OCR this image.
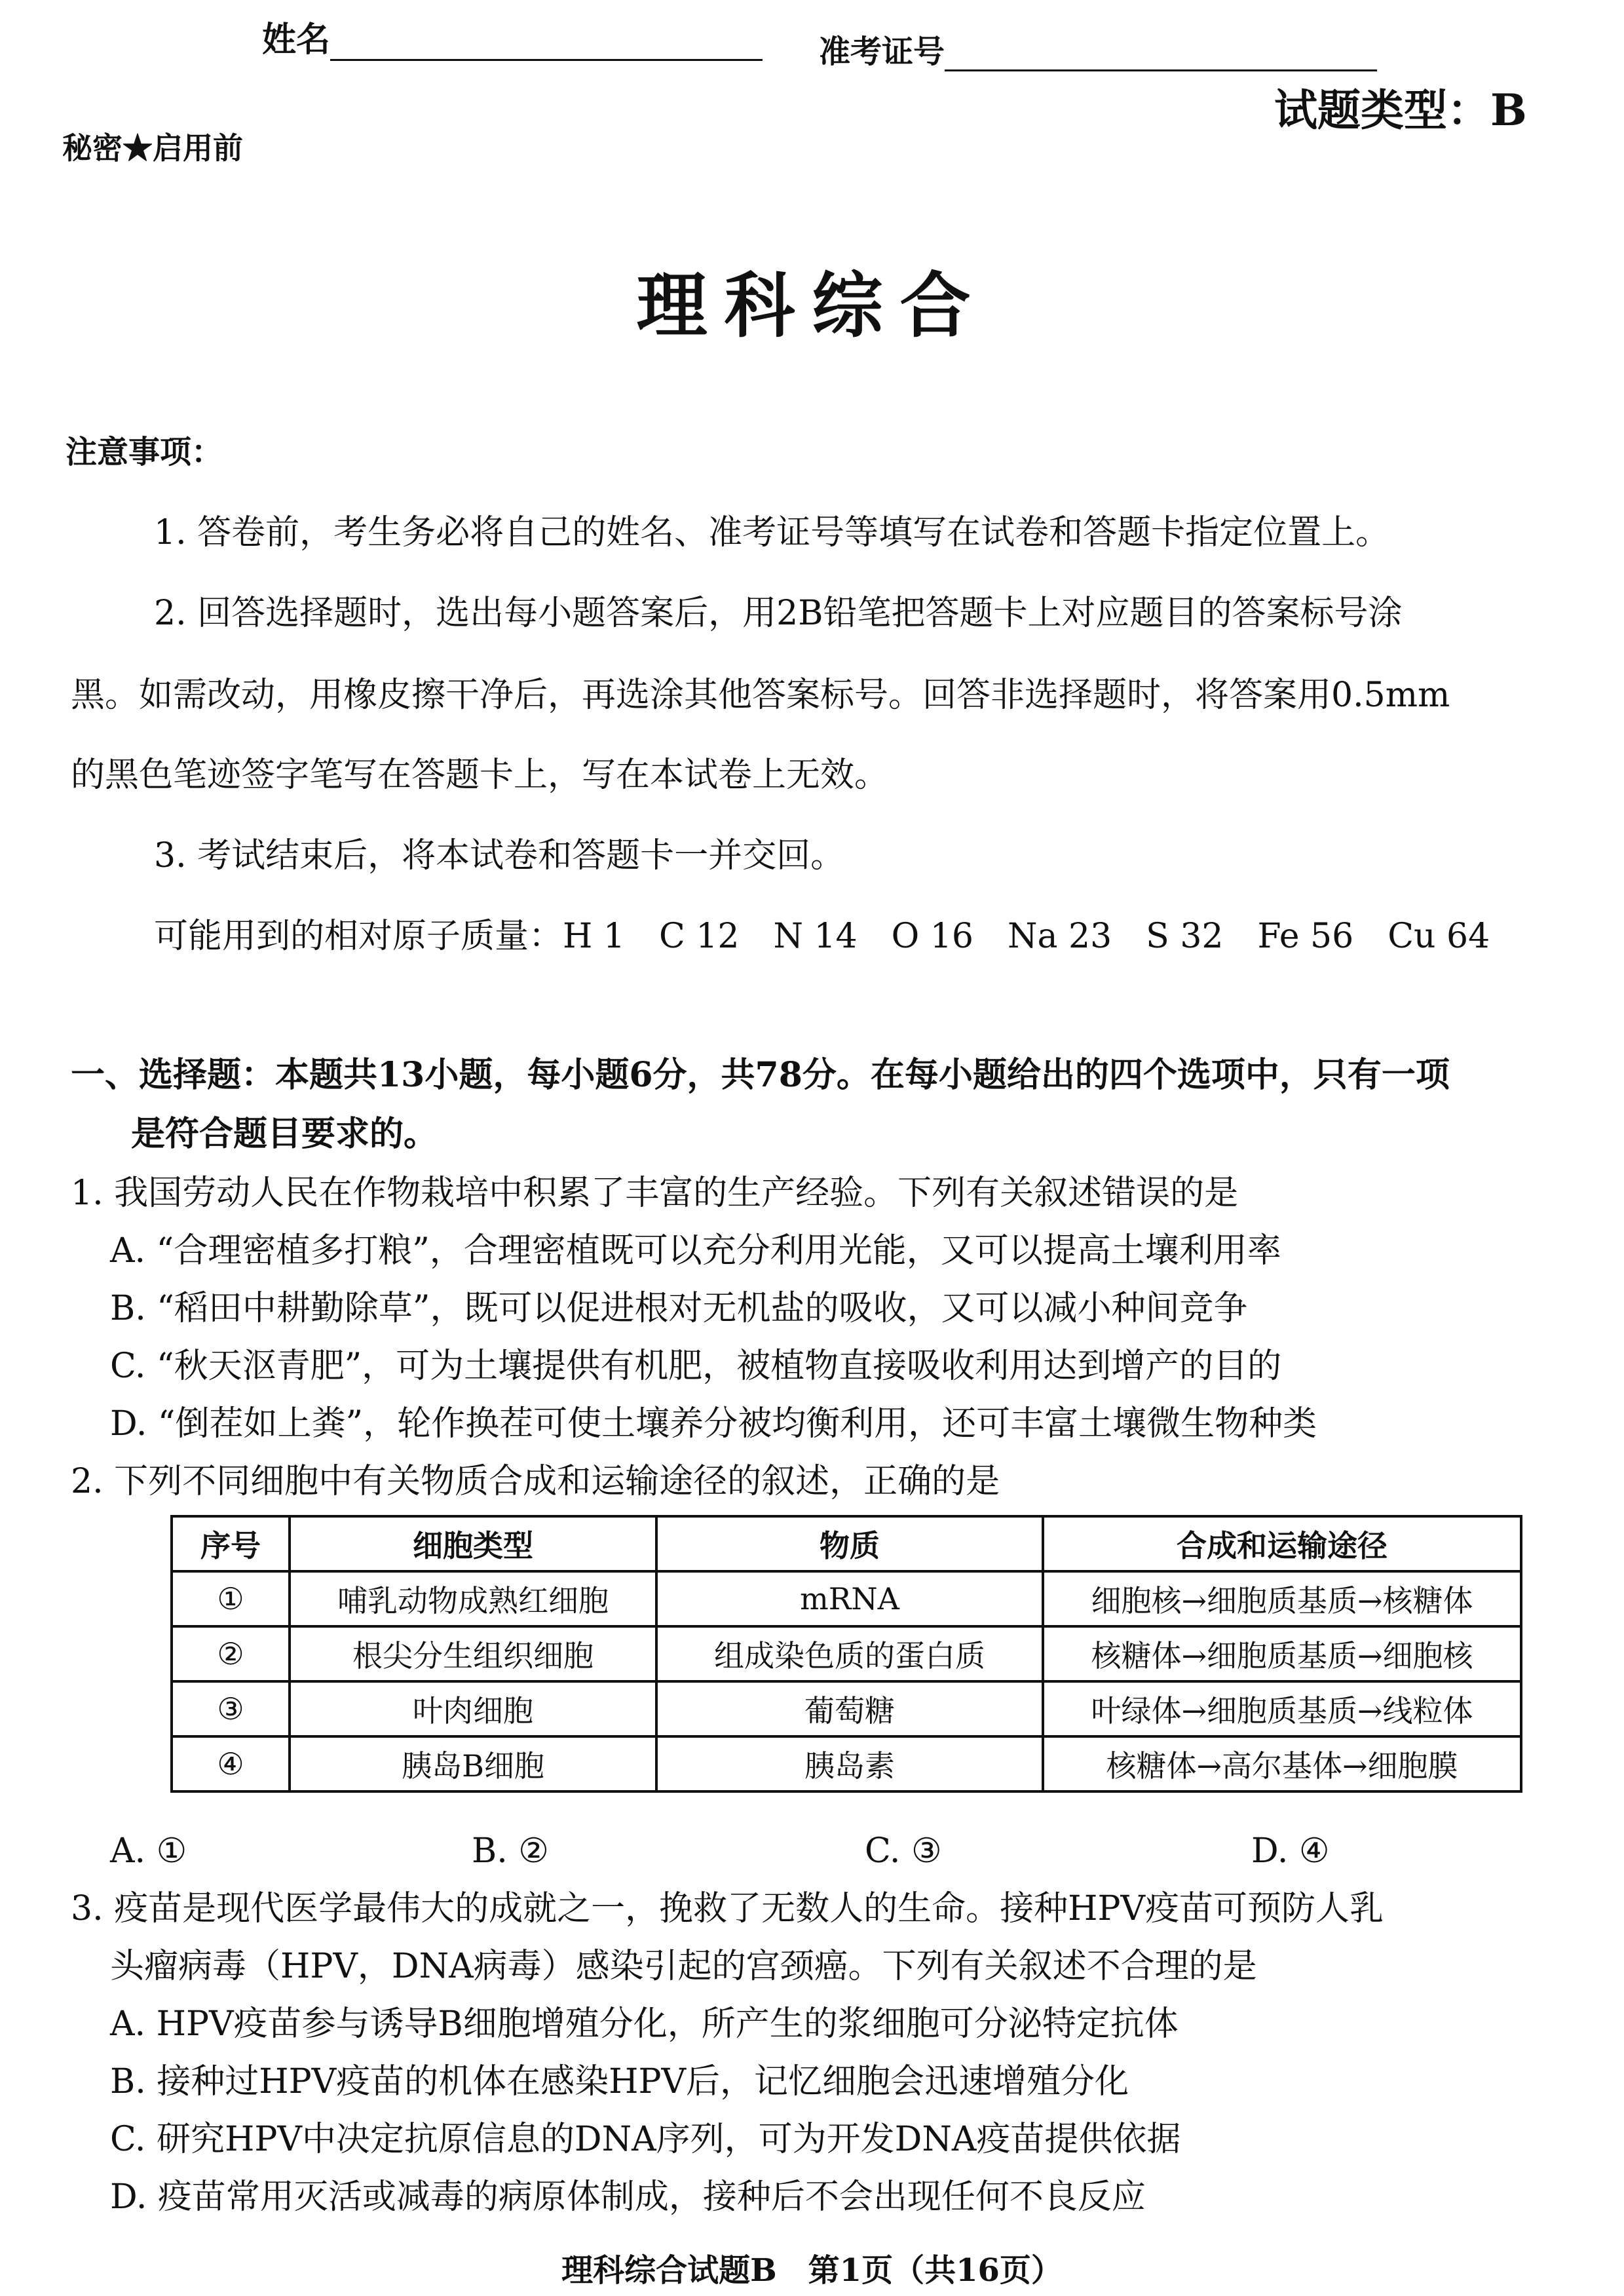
姓名	准考证号
试题类型：B
秘密★启用前
理科综合
注意事项：
1. 答卷前，考生务必将自己的姓名、准考证号等填写在试卷和答题卡指定位置上。
2. 回答选择题时，选出每小题答案后，用2B铅笔把答题卡上对应题目的答案标号涂
黑。如需改动，用橡皮擦干净后，再选涂其他答案标号。回答非选择题时，将答案用0.5mm
的黑色笔迹签字笔写在答题卡上，写在本试卷上无效。
3. 考试结束后，将本试卷和答题卡一并交回。
可能用到的相对原子质量：H 1　C 12　N 14　O 16　Na 23　S 32　Fe 56　Cu 64
一、选择题：本题共13小题，每小题6分，共78分。在每小题给出的四个选项中，只有一项
是符合题目要求的。
1. 我国劳动人民在作物栽培中积累了丰富的生产经验。下列有关叙述错误的是
A. “合理密植多打粮”，合理密植既可以充分利用光能，又可以提高土壤利用率
B. “稻田中耕勤除草”，既可以促进根对无机盐的吸收，又可以减小种间竞争
C. “秋天沤青肥”，可为土壤提供有机肥，被植物直接吸收利用达到增产的目的
D. “倒茬如上粪”，轮作换茬可使土壤养分被均衡利用，还可丰富土壤微生物种类
2. 下列不同细胞中有关物质合成和运输途径的叙述，正确的是
序号	细胞类型	物质	合成和运输途径
①	哺乳动物成熟红细胞	mRNA	细胞核→细胞质基质→核糖体
②	根尖分生组织细胞	组成染色质的蛋白质	核糖体→细胞质基质→细胞核
③	叶肉细胞	葡萄糖	叶绿体→细胞质基质→线粒体
④	胰岛B细胞	胰岛素	核糖体→高尔基体→细胞膜
A. ①	B. ②	C. ③	D. ④
3. 疫苗是现代医学最伟大的成就之一，挽救了无数人的生命。接种HPV疫苗可预防人乳
头瘤病毒（HPV，DNA病毒）感染引起的宫颈癌。下列有关叙述不合理的是
A. HPV疫苗参与诱导B细胞增殖分化，所产生的浆细胞可分泌特定抗体
B. 接种过HPV疫苗的机体在感染HPV后，记忆细胞会迅速增殖分化
C. 研究HPV中决定抗原信息的DNA序列，可为开发DNA疫苗提供依据
D. 疫苗常用灭活或减毒的病原体制成，接种后不会出现任何不良反应
理科综合试题B　第1页（共16页）
